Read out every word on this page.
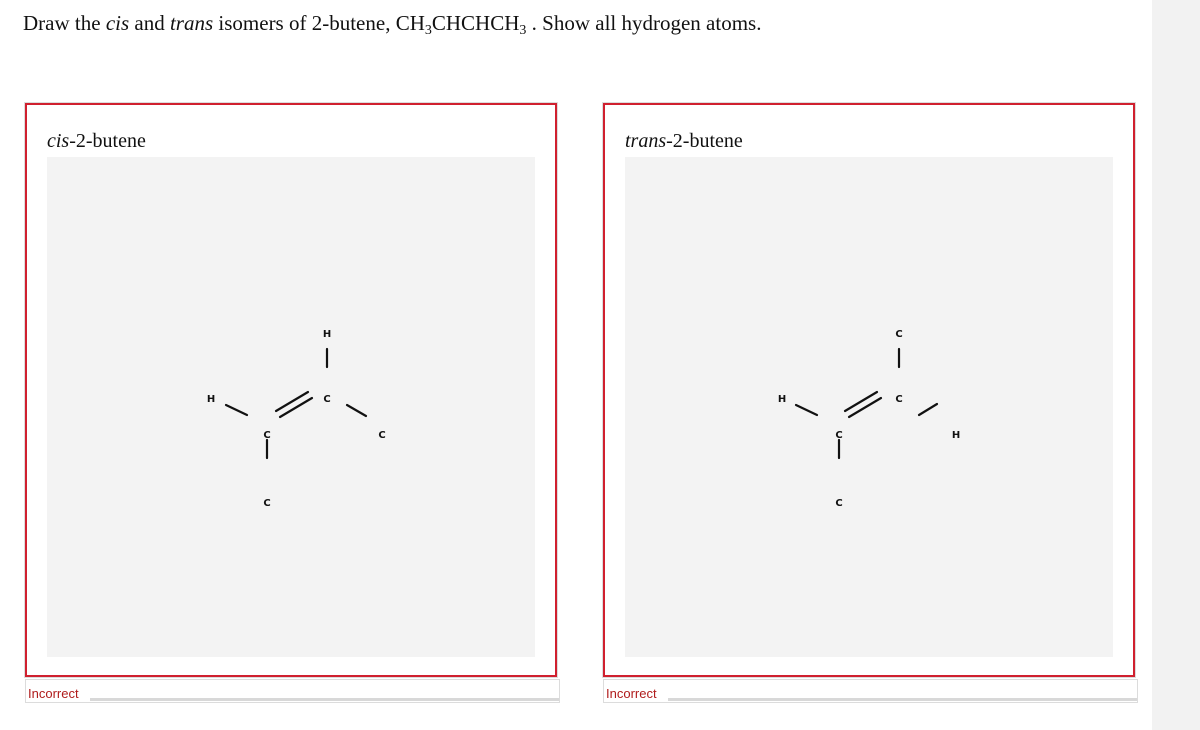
Draw the cis and trans isomers of 2-butene, $CH_3CHCHCH_3$ . Show all hydrogen atoms.
cis-2-butene
H
H	C
C	C
C
Incorrect
trans-2-butene
C
H	C
C	H
C
Incorrect
